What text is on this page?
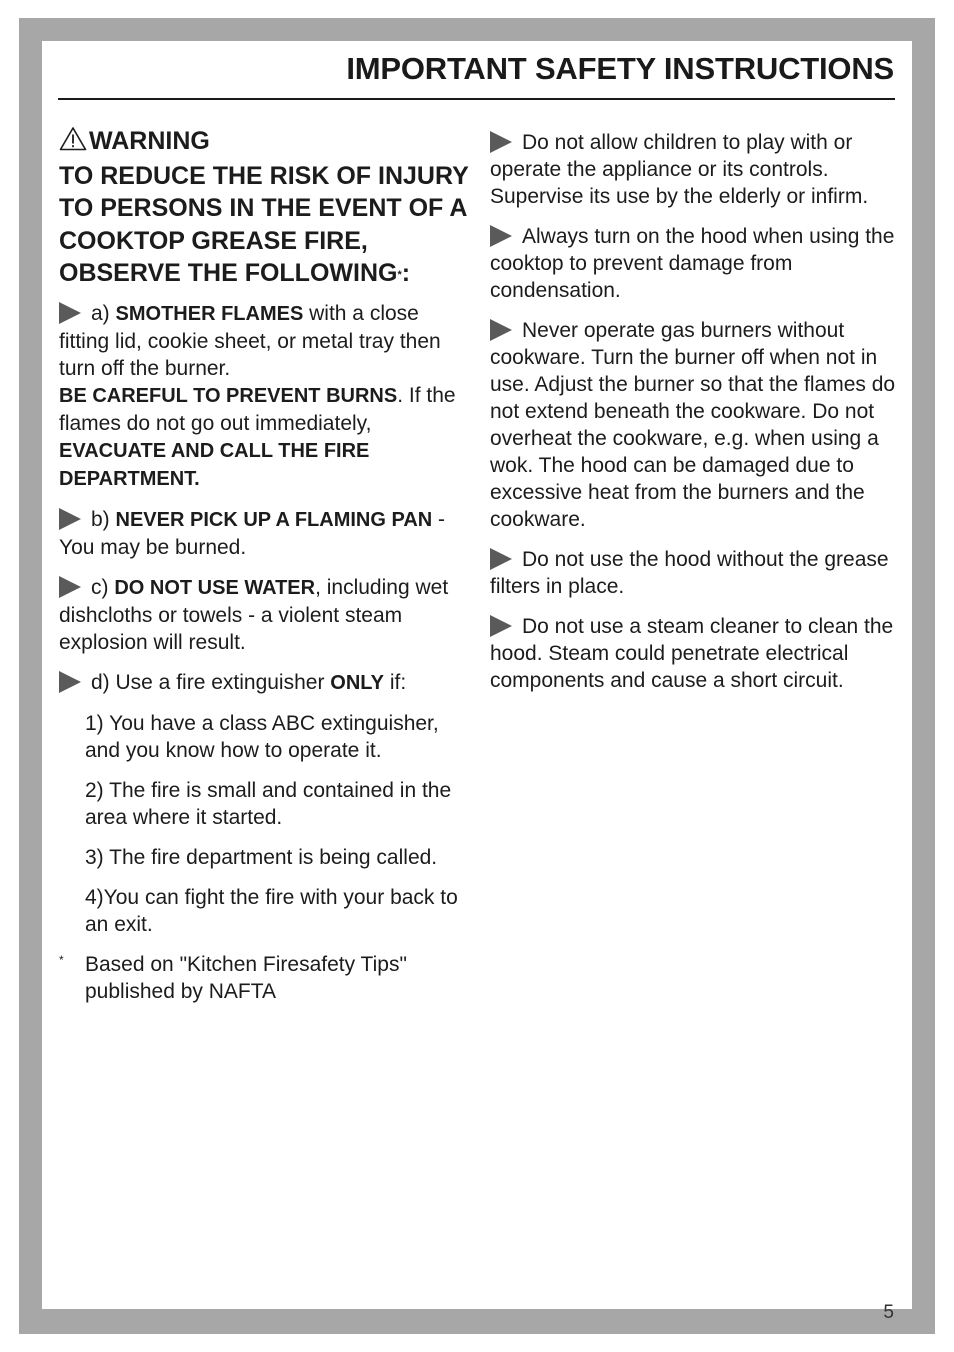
IMPORTANT SAFETY INSTRUCTIONS

WARNING

TO REDUCE THE RISK OF INJURY TO PERSONS IN THE EVENT OF A COOKTOP GREASE FIRE, OBSERVE THE FOLLOWING*:

a) SMOTHER FLAMES with a close fitting lid, cookie sheet, or metal tray then turn off the burner.
BE CAREFUL TO PREVENT BURNS. If the flames do not go out immediately, EVACUATE AND CALL THE FIRE DEPARTMENT.

b) NEVER PICK UP A FLAMING PAN - You may be burned.

c) DO NOT USE WATER, including wet dishcloths or towels - a violent steam explosion will result.

d) Use a fire extinguisher ONLY if:

1) You have a class ABC extinguisher, and you know how to operate it.

2) The fire is small and contained in the area where it started.

3) The fire department is being called.

4)You can fight the fire with your back to an exit.

* Based on "Kitchen Firesafety Tips" published by NAFTA

Do not allow children to play with or operate the appliance or its controls. Supervise its use by the elderly or infirm.

Always turn on the hood when using the cooktop to prevent damage from condensation.

Never operate gas burners without cookware. Turn the burner off when not in use. Adjust the burner so that the flames do not extend beneath the cookware. Do not overheat the cookware, e.g. when using a wok. The hood can be damaged due to excessive heat from the burners and the cookware.

Do not use the hood without the grease filters in place.

Do not use a steam cleaner to clean the hood. Steam could penetrate electrical components and cause a short circuit.

5
